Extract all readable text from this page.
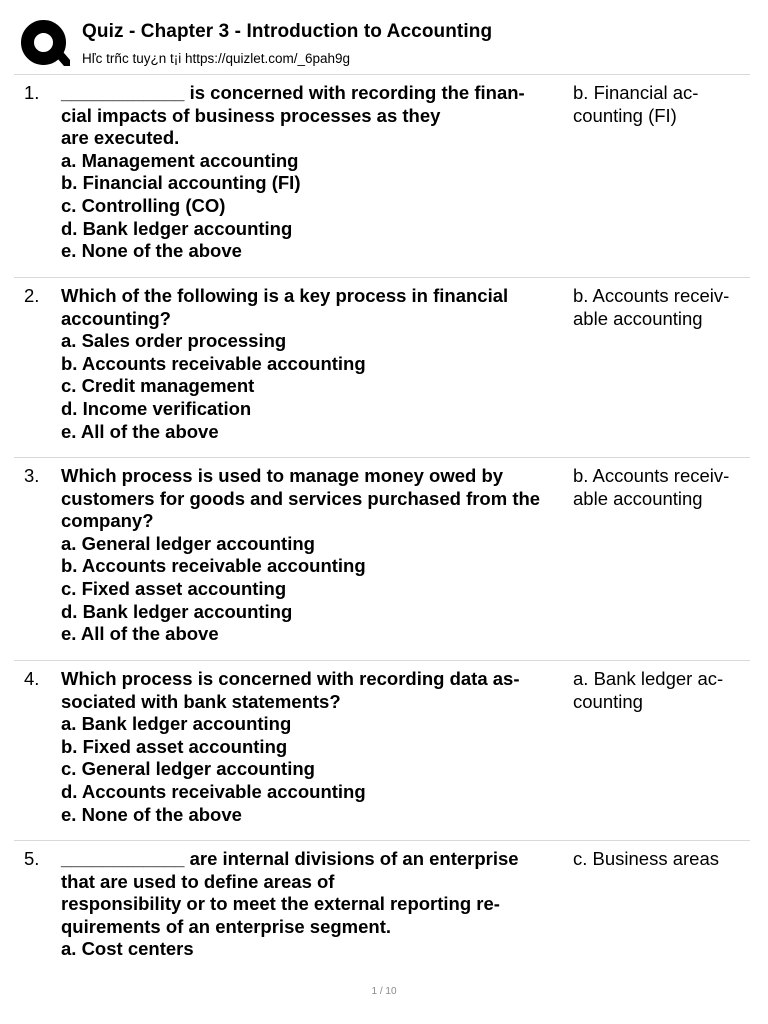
Quiz - Chapter 3 - Introduction to Accounting
Hľc trñc tuy¿n t¡i https://quizlet.com/_6pah9g
1. ____________ is concerned with recording the finan-
cial impacts of business processes as they
are executed.
a. Management accounting
b. Financial accounting (FI)
c. Controlling (CO)
d. Bank ledger accounting
e. None of the above
b. Financial ac-
counting (FI)
2. Which of the following is a key process in financial
accounting?
a. Sales order processing
b. Accounts receivable accounting
c. Credit management
d. Income verification
e. All of the above
b. Accounts receiv-
able accounting
3. Which process is used to manage money owed by
customers for goods and services purchased from the
company?
a. General ledger accounting
b. Accounts receivable accounting
c. Fixed asset accounting
d. Bank ledger accounting
e. All of the above
b. Accounts receiv-
able accounting
4. Which process is concerned with recording data as-
sociated with bank statements?
a. Bank ledger accounting
b. Fixed asset accounting
c. General ledger accounting
d. Accounts receivable accounting
e. None of the above
a. Bank ledger ac-
counting
5. ____________ are internal divisions of an enterprise
that are used to define areas of
responsibility or to meet the external reporting re-
quirements of an enterprise segment.
a. Cost centers
c. Business areas
1 / 10
